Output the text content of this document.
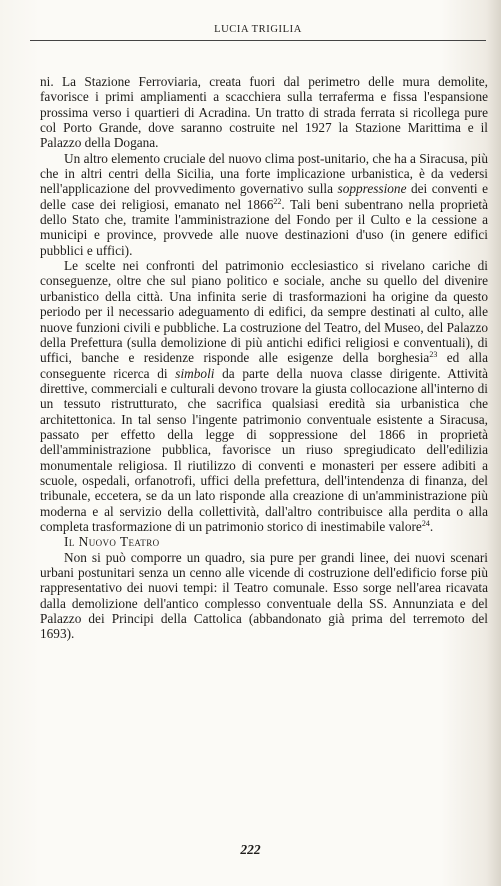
LUCIA TRIGILIA

ni. La Stazione Ferroviaria, creata fuori dal perimetro delle mura demolite, favorisce i primi ampliamenti a scacchiera sulla terraferma e fissa l'espansione prossima verso i quartieri di Acradina. Un tratto di strada ferrata si ricollega pure col Porto Grande, dove saranno costruite nel 1927 la Stazione Marittima e il Palazzo della Dogana.

Un altro elemento cruciale del nuovo clima post-unitario, che ha a Siracusa, più che in altri centri della Sicilia, una forte implicazione urbanistica, è da vedersi nell'applicazione del provvedimento governativo sulla soppressione dei conventi e delle case dei religiosi, emanato nel 1866$^{22}$. Tali beni subentrano nella proprietà dello Stato che, tramite l'amministrazione del Fondo per il Culto e la cessione a municipi e province, provvede alle nuove destinazioni d'uso (in genere edifici pubblici e uffici).

Le scelte nei confronti del patrimonio ecclesiastico si rivelano cariche di conseguenze, oltre che sul piano politico e sociale, anche su quello del divenire urbanistico della città. Una infinita serie di trasformazioni ha origine da questo periodo per il necessario adeguamento di edifici, da sempre destinati al culto, alle nuove funzioni civili e pubbliche. La costruzione del Teatro, del Museo, del Palazzo della Prefettura (sulla demolizione di più antichi edifici religiosi e conventuali), di uffici, banche e residenze risponde alle esigenze della borghesia$^{23}$ ed alla conseguente ricerca di simboli da parte della nuova classe dirigente. Attività direttive, commerciali e culturali devono trovare la giusta collocazione all'interno di un tessuto ristrutturato, che sacrifica qualsiasi eredità sia urbanistica che architettonica. In tal senso l'ingente patrimonio conventuale esistente a Siracusa, passato per effetto della legge di soppressione del 1866 in proprietà dell'amministrazione pubblica, favorisce un riuso spregiudicato dell'edilizia monumentale religiosa. Il riutilizzo di conventi e monasteri per essere adibiti a scuole, ospedali, orfanotrofi, uffici della prefettura, dell'intendenza di finanza, del tribunale, eccetera, se da un lato risponde alla creazione di un'amministrazione più moderna e al servizio della collettività, dall'altro contribuisce alla perdita o alla completa trasformazione di un patrimonio storico di inestimabile valore$^{24}$.

Il Nuovo Teatro

Non si può comporre un quadro, sia pure per grandi linee, dei nuovi scenari urbani postunitari senza un cenno alle vicende di costruzione dell'edificio forse più rappresentativo dei nuovi tempi: il Teatro comunale. Esso sorge nell'area ricavata dalla demolizione dell'antico complesso conventuale della SS. Annunziata e del Palazzo dei Principi della Cattolica (abbandonato già prima del terremoto del 1693).

222
